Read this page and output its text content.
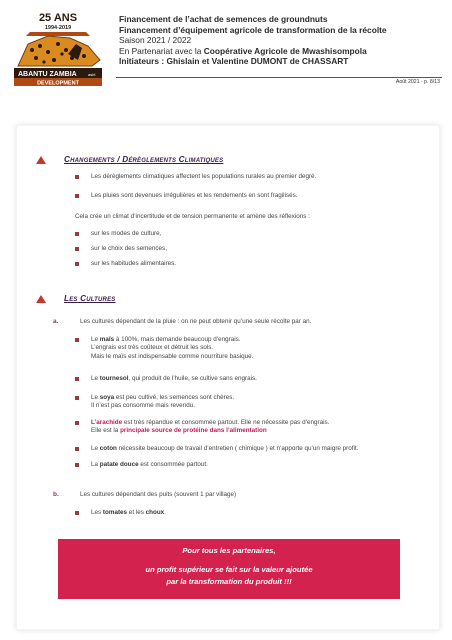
25 ANS
1994-2019
ABANTU ZAMBIA	asbl
DEVELOPMENT
Financement de l’achat de semences de groundnuts
Financement d’équipement agricole de transformation de la récolte
Saison 2021 / 2022
En Partenariat avec la Coopérative Agricole de Mwashisompola
Initiateurs : Ghislain et Valentine DUMONT de CHASSART
Août 2021 - p. 8/13
Changements / Dérèglements Climatiques
Les dérèglements climatiques affectent les populations rurales au premier degré.
Les pluies sont devenues irrégulières et les rendements en sont fragilisés.
Cela crée un climat d’incertitude et de tension permanente et amène des réflexions :
sur les modes de culture,
sur le choix des semences,
sur les habitudes alimentaires.
Les Cultures
a.	Les cultures dépendant de la pluie : on ne peut obtenir qu’une seule récolte par an.
Le maïs à 100%, mais demande beaucoup d’engrais.
L’engrais est très coûteux et détruit les sols.
Mais le maïs est indispensable comme nourriture basique.
Le tournesol, qui produit de l’huile, se cultive sans engrais.
Le soya est peu cultivé, les semences sont chères.
Il n’est pas consommé mais revendu.
L’arachide est très répandue et consommée partout. Elle ne nécessite pas d’engrais.
Elle est la principale source de protéine dans l’alimentation
Le coton nécessite beaucoup de travail d’entretien ( chimique ) et n’apporte qu’un maigre profit.
La patate douce est consommée partout.
b.	Les cultures dépendant des puits (souvent 1 par village)
Les tomates et les choux.
Pour tous les partenaires,
un profit supérieur se fait sur la valeur ajoutée
par la transformation du produit !!!
